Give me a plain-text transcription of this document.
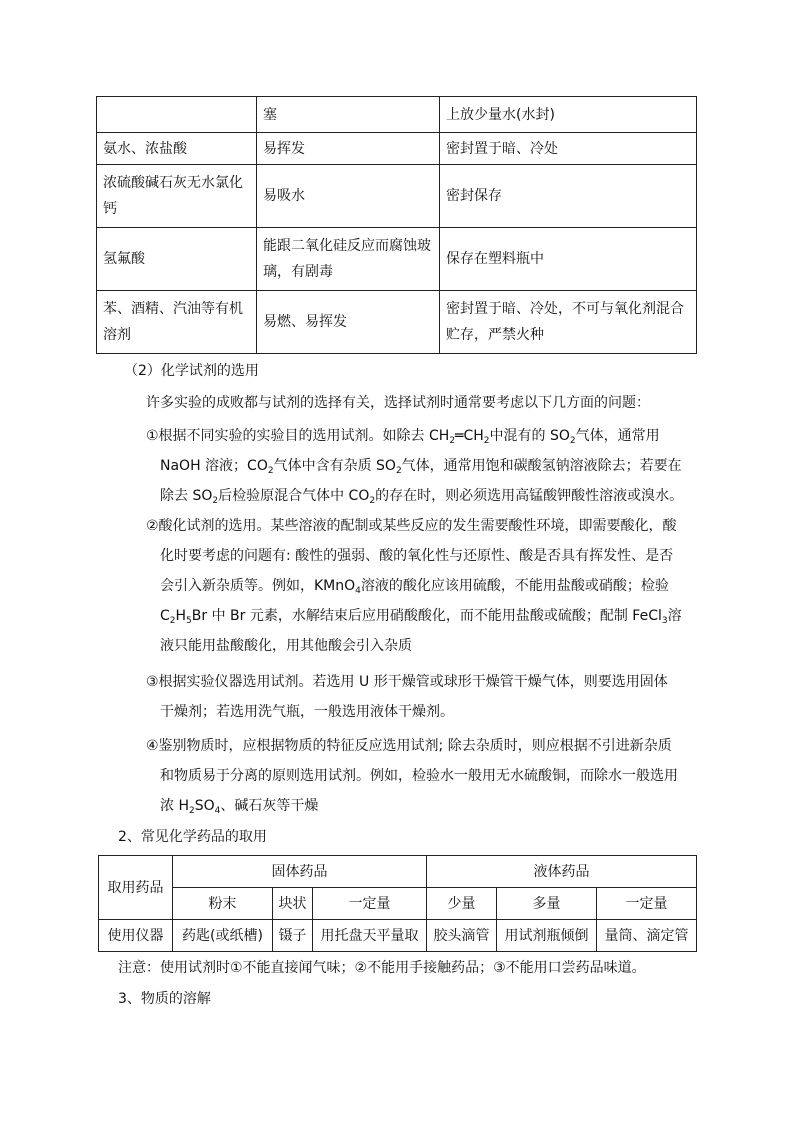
	塞	上放少量水(水封)
氨水、浓盐酸	易挥发	密封置于暗、冷处
浓硫酸碱石灰无水氯化钙	易吸水	密封保存
氢氟酸	能跟二氧化硅反应而腐蚀玻璃，有剧毒	保存在塑料瓶中
苯、酒精、汽油等有机溶剂	易燃、易挥发	密封置于暗、冷处，不可与氧化剂混合贮存，严禁火种
（2）化学试剂的选用
许多实验的成败都与试剂的选择有关，选择试剂时通常要考虑以下几方面的问题：
①根据不同实验的实验目的选用试剂。如除去 $CH_2═CH_2$中混有的 $SO_2$气体，通常用
NaOH 溶液；$CO_2$气体中含有杂质 $SO_2$气体，通常用饱和碳酸氢钠溶液除去；若要在
除去 $SO_2$后检验原混合气体中 $CO_2$的存在时，则必须选用高锰酸钾酸性溶液或溴水。
②酸化试剂的选用。某些溶液的配制或某些反应的发生需要酸性环境，即需要酸化，酸
化时要考虑的问题有: 酸性的强弱、酸的氧化性与还原性、酸是否具有挥发性、是否
会引入新杂质等。例如，KMnO$_4$溶液的酸化应该用硫酸，不能用盐酸或硝酸；检验
$C_2H_5Br$ 中 Br 元素，水解结束后应用硝酸酸化，而不能用盐酸或硫酸；配制 FeCl$_3$溶
液只能用盐酸酸化，用其他酸会引入杂质
③根据实验仪器选用试剂。若选用 U 形干燥管或球形干燥管干燥气体，则要选用固体
干燥剂；若选用洗气瓶，一般选用液体干燥剂。
④鉴别物质时，应根据物质的特征反应选用试剂; 除去杂质时，则应根据不引进新杂质
和物质易于分离的原则选用试剂。例如，检验水一般用无水硫酸铜，而除水一般选用
浓 $H_2SO_4$、碱石灰等干燥
2、常见化学药品的取用
取用药品	固体药品			液体药品		
	粉末	块状	一定量	少量	多量	一定量
使用仪器	药匙(或纸槽)	镊子	用托盘天平量取	胶头滴管	用试剂瓶倾倒	量筒、滴定管
注意：使用试剂时①不能直接闻气味；②不能用手接触药品；③不能用口尝药品味道。
3、物质的溶解
